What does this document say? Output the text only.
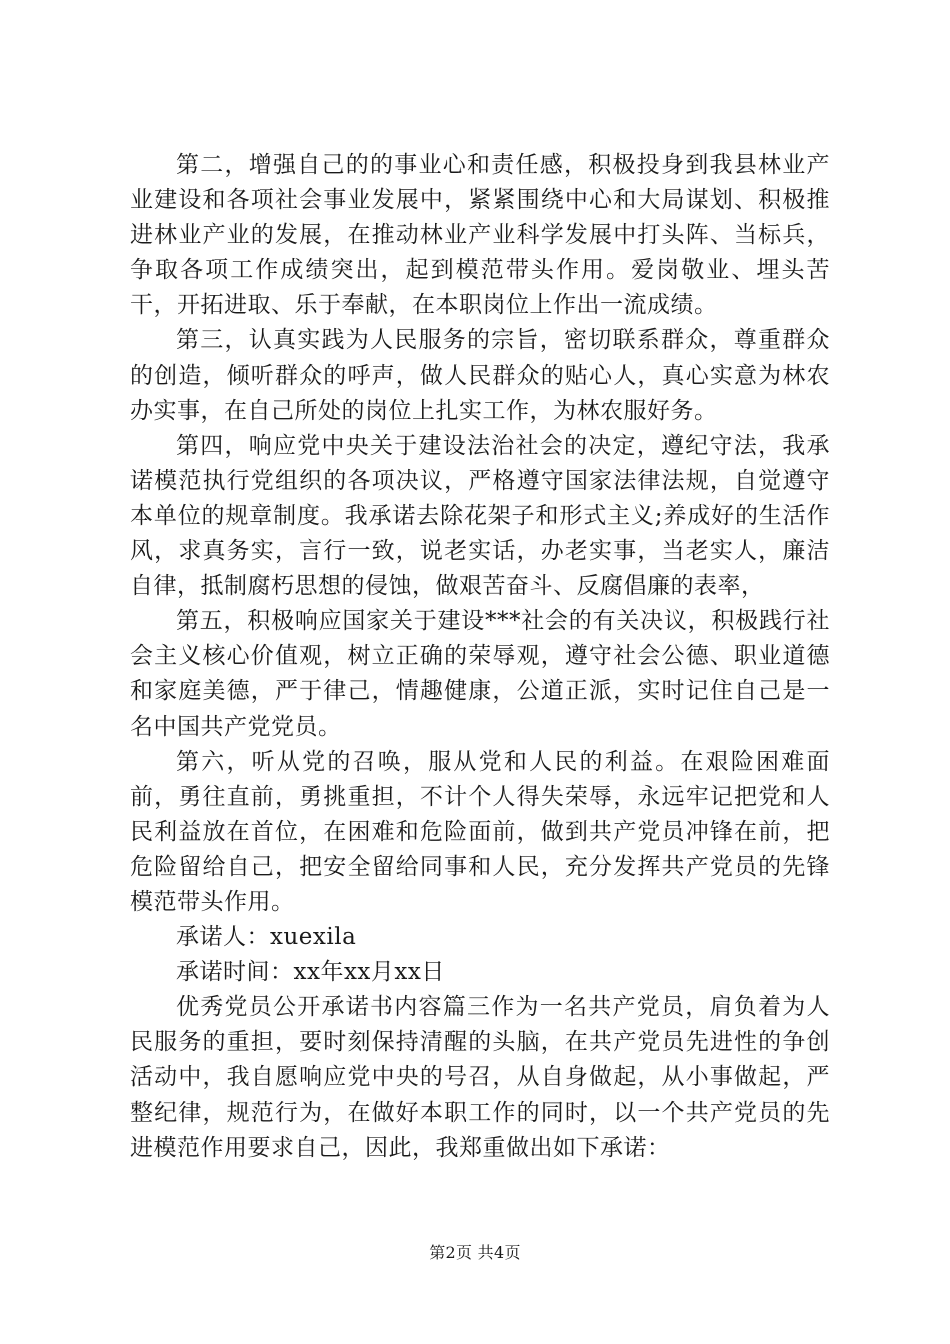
第二，增强自己的的事业心和责任感，积极投身到我县林业产业建设和各项社会事业发展中，紧紧围绕中心和大局谋划、积极推进林业产业的发展，在推动林业产业科学发展中打头阵、当标兵，争取各项工作成绩突出，起到模范带头作用。爱岗敬业、埋头苦干，开拓进取、乐于奉献，在本职岗位上作出一流成绩。

第三，认真实践为人民服务的宗旨，密切联系群众，尊重群众的创造，倾听群众的呼声，做人民群众的贴心人，真心实意为林农办实事，在自己所处的岗位上扎实工作，为林农服好务。

第四，响应党中央关于建设法治社会的决定，遵纪守法，我承诺模范执行党组织的各项决议，严格遵守国家法律法规，自觉遵守本单位的规章制度。我承诺去除花架子和形式主义;养成好的生活作风，求真务实，言行一致，说老实话，办老实事，当老实人，廉洁自律，抵制腐朽思想的侵蚀，做艰苦奋斗、反腐倡廉的表率，

第五，积极响应国家关于建设***社会的有关决议，积极践行社会主义核心价值观，树立正确的荣辱观，遵守社会公德、职业道德和家庭美德，严于律己，情趣健康，公道正派，实时记住自己是一名中国共产党党员。

第六，听从党的召唤，服从党和人民的利益。在艰险困难面前，勇往直前，勇挑重担，不计个人得失荣辱，永远牢记把党和人民利益放在首位，在困难和危险面前，做到共产党员冲锋在前，把危险留给自己，把安全留给同事和人民，充分发挥共产党员的先锋模范带头作用。

承诺人：xuexila

承诺时间：xx年xx月xx日

优秀党员公开承诺书内容篇三作为一名共产党员，肩负着为人民服务的重担，要时刻保持清醒的头脑，在共产党员先进性的争创活动中，我自愿响应党中央的号召，从自身做起，从小事做起，严整纪律，规范行为，在做好本职工作的同时，以一个共产党员的先进模范作用要求自己，因此，我郑重做出如下承诺：

第2页 共4页
